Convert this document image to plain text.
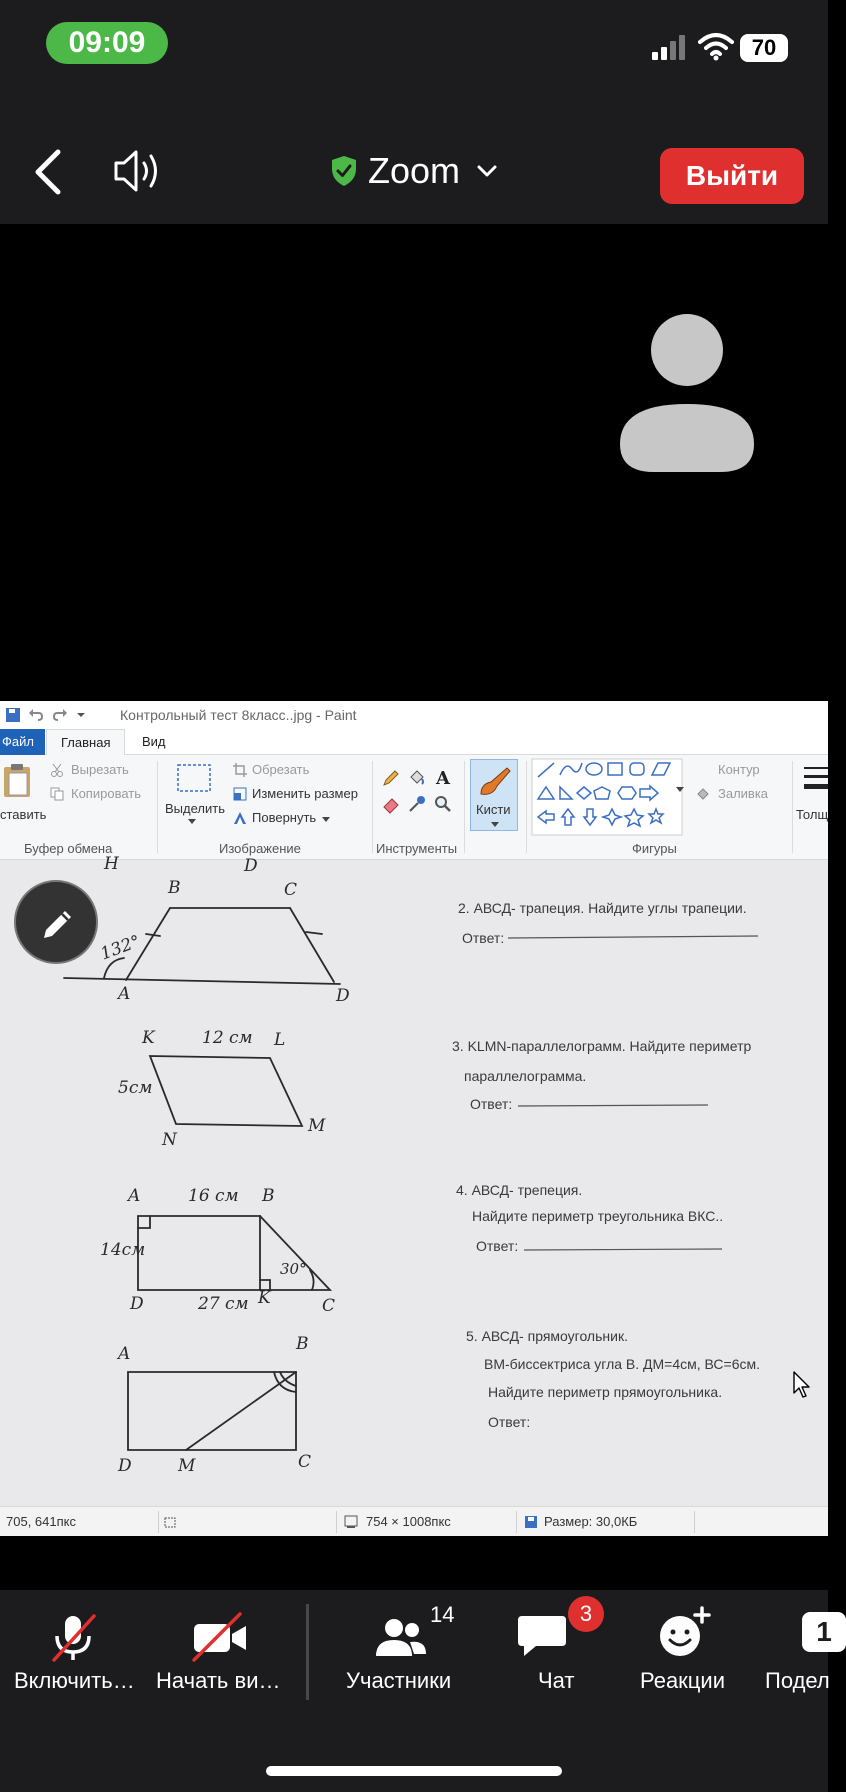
09:09	70
Zoom	Выйти
Контрольный тест 8класс..jpg - Paint
Файл	Главная	Вид
ставить
Вырезать
Копировать
Буфер обмена
Выделить
Обрезать
Изменить размер
Повернуть
Изображение
A
Инструменты
Кисти
Контур
Заливка
Фигуры
Толщ
Н	D
B	C
A	D
132°
K	12 см L
5см
N
M
A	16 см B
14см
D	27 см K
30°
C
A	B
D	M	C
2. АВСД- трапеция. Найдите углы трапеции.
Ответ:
3. KLMN-параллелограмм. Найдите периметр
параллелограмма.
Ответ:
4. АВСД- трепеция.
Найдите периметр треугольника ВКС..
Ответ:
5. АВСД- прямоугольник.
ВМ-биссектриса угла В. ДМ=4см, ВС=6см.
Найдите периметр прямоугольника.
Ответ:
705, 641пкс	754 × 1008пкс	Размер: 30,0КБ
Включить… Начать ви…
14
Участники
3
Чат	Реакции
1
Подел
